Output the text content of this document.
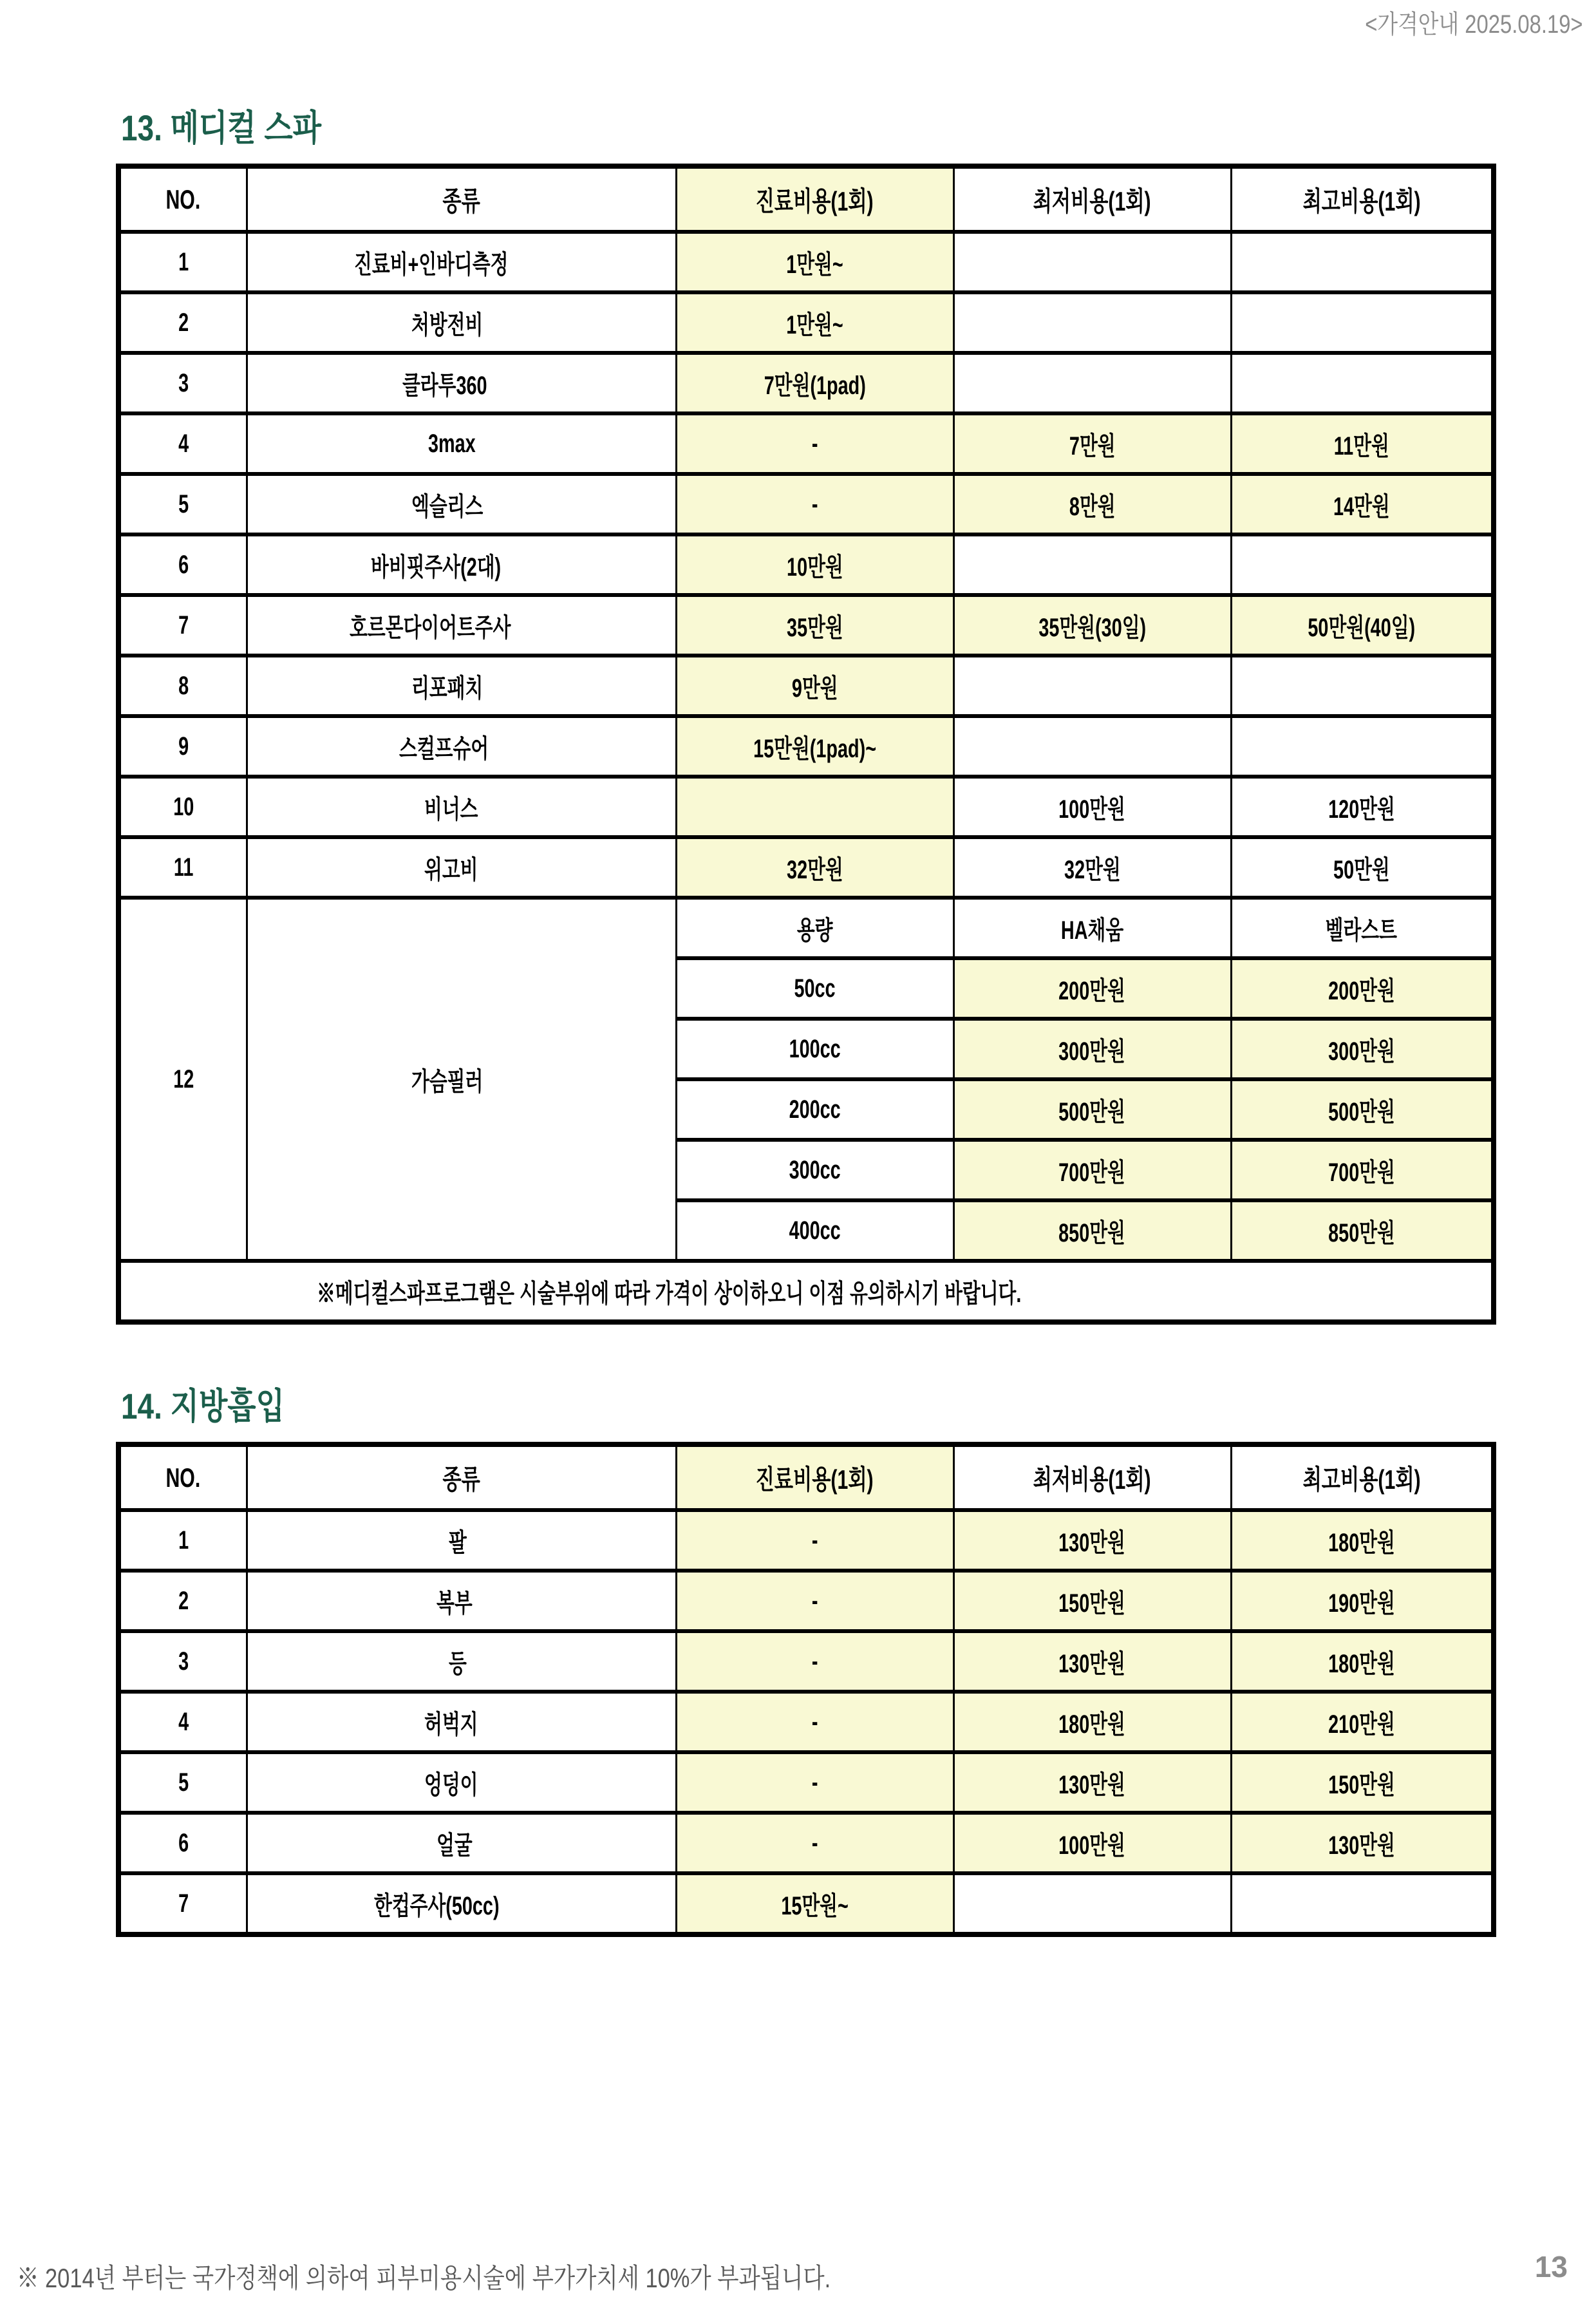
<가격안내 2025.08.19>
13. 메디컬 스파
NO.	종류	진료비용(1회)	최저비용(1회)	최고비용(1회)
1	진료비+인바디측정	1만원~		
2	처방전비	1만원~		
3	클라투360	7만원(1pad)		
4	3max	-	7만원	11만원
5	엑슬리스	-	8만원	14만원
6	바비핏주사(2대)	10만원		
7	호르몬다이어트주사	35만원	35만원(30일)	50만원(40일)
8	리포패치	9만원		
9	스컬프슈어	15만원(1pad)~		
10	비너스		100만원	120만원
11	위고비	32만원	32만원	50만원
12	가슴필러	용량	HA채움	벨라스트
		50cc	200만원	200만원
		100cc	300만원	300만원
		200cc	500만원	500만원
		300cc	700만원	700만원
		400cc	850만원	850만원
※메디컬스파프로그램은 시술부위에 따라 가격이 상이하오니 이점 유의하시기 바랍니다.				
14. 지방흡입
NO.	종류	진료비용(1회)	최저비용(1회)	최고비용(1회)
1	팔	-	130만원	180만원
2	복부	-	150만원	190만원
3	등	-	130만원	180만원
4	허벅지	-	180만원	210만원
5	엉덩이	-	130만원	150만원
6	얼굴	-	100만원	130만원
7	한컵주사(50cc)	15만원~		
※ 2014년 부터는 국가정책에 의하여 피부미용시술에 부가가치세 10%가 부과됩니다.	13
